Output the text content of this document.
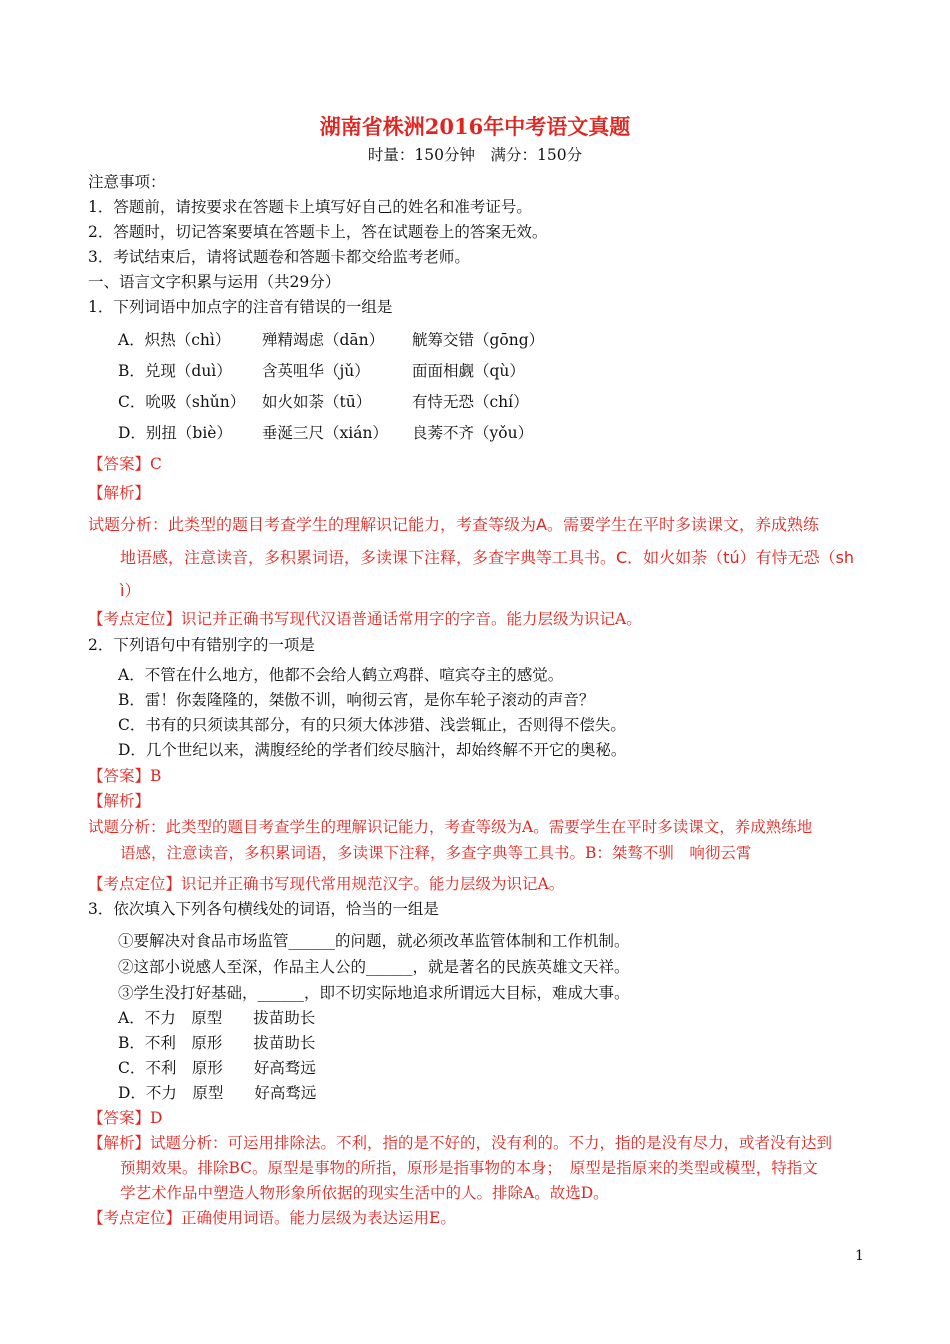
湖南省株洲2016年中考语文真题
时量：150分钟　满分：150分
注意事项：
1．答题前，请按要求在答题卡上填写好自己的姓名和准考证号。
2．答题时，切记答案要填在答题卡上，答在试题卷上的答案无效。
3．考试结束后，请将试题卷和答题卡都交给监考老师。
一、语言文字积累与运用（共29分）
1．下列词语中加点字的注音有错误的一组是
A．炽热（chì） 殚精竭虑（dān） 觥筹交错（gōng）
B．兑现（duì） 含英咀华（jǔ）	面面相觑（qù）
C．吮吸（shǔn） 如火如荼（tū）	有恃无恐（chí）
D．别扭（biè） 垂涎三尺（xián） 良莠不齐（yǒu）
【答案】C
【解析】
试题分析：此类型的题目考查学生的理解识记能力，考查等级为A。需要学生在平时多读课文，养成熟练
地语感，注意读音，多积累词语，多读课下注释，多查字典等工具书。C．如火如荼（tú）有恃无恐（sh
ì）
【考点定位】识记并正确书写现代汉语普通话常用字的字音。能力层级为识记A。
2．下列语句中有错别字的一项是
A．不管在什么地方，他都不会给人鹤立鸡群、喧宾夺主的感觉。
B．雷！你轰隆隆的，桀傲不训，响彻云宵，是你车轮子滚动的声音？
C．书有的只须读其部分，有的只须大体涉猎、浅尝辄止，否则得不偿失。
D．几个世纪以来，满腹经纶的学者们绞尽脑汁，却始终解不开它的奥秘。
【答案】B
【解析】
试题分析：此类型的题目考查学生的理解识记能力，考查等级为A。需要学生在平时多读课文，养成熟练地
语感，注意读音，多积累词语，多读课下注释，多查字典等工具书。B：桀骜不驯　响彻云霄
【考点定位】识记并正确书写现代常用规范汉字。能力层级为识记A。
3．依次填入下列各句横线处的词语，恰当的一组是
①要解决对食品市场监管______的问题，就必须改革监管体制和工作机制。
②这部小说感人至深，作品主人公的______，就是著名的民族英雄文天祥。
③学生没打好基础，______，即不切实际地追求所谓远大目标，难成大事。
A．不力　原型　　拔苗助长
B．不利　原形　　拔苗助长
C．不利　原形　　好高骛远
D．不力　原型　　好高骛远
【答案】D
【解析】试题分析：可运用排除法。不利，指的是不好的，没有利的。不力，指的是没有尽力，或者没有达到
预期效果。排除BC。原型是事物的所指，原形是指事物的本身；　原型是指原来的类型或模型，特指文
学艺术作品中塑造人物形象所依据的现实生活中的人。排除A。故选D。
【考点定位】正确使用词语。能力层级为表达运用E。
1
